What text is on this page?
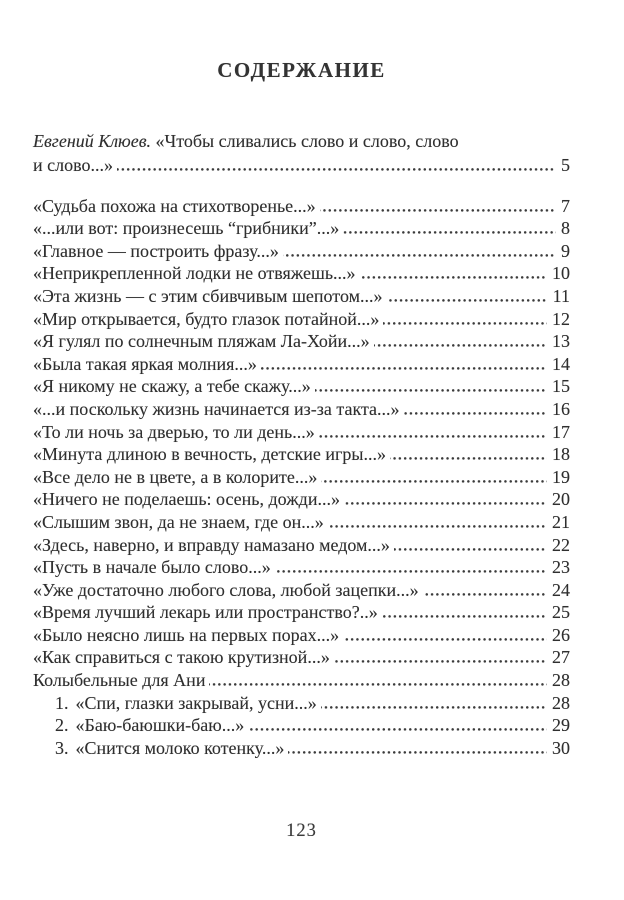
СОДЕРЖАНИЕ
Евгений Клюев. «Чтобы сливались слово и слово, слово
и слово...»	5
«Судьба похожа на стихотворенье...»	7
«...или вот: произнесешь “грибники”...»	8
«Главное — построить фразу...»	9
«Неприкрепленной лодки не отвяжешь...»	10
«Эта жизнь — с этим сбивчивым шепотом...»	11
«Мир открывается, будто глазок потайной...»	12
«Я гулял по солнечным пляжам Ла-Хойи...»	13
«Была такая яркая молния...»	14
«Я никому не скажу, а тебе скажу...»	15
«...и поскольку жизнь начинается из-за такта...»	16
«То ли ночь за дверью, то ли день...»	17
«Минута длиною в вечность, детские игры...»	18
«Все дело не в цвете, а в колорите...»	19
«Ничего не поделаешь: осень, дожди...»	20
«Слышим звон, да не знаем, где он...»	21
«Здесь, наверно, и вправду намазано медом...»	22
«Пусть в начале было слово...»	23
«Уже достаточно любого слова, любой зацепки...»	24
«Время лучший лекарь или пространство?..»	25
«Было неясно лишь на первых порах...»	26
«Как справиться с такою крутизной...»	27
Колыбельные для Ани	28
1. «Спи, глазки закрывай, усни...»	28
2. «Баю-баюшки-баю...»	29
3. «Снится молоко котенку...»	30
123
